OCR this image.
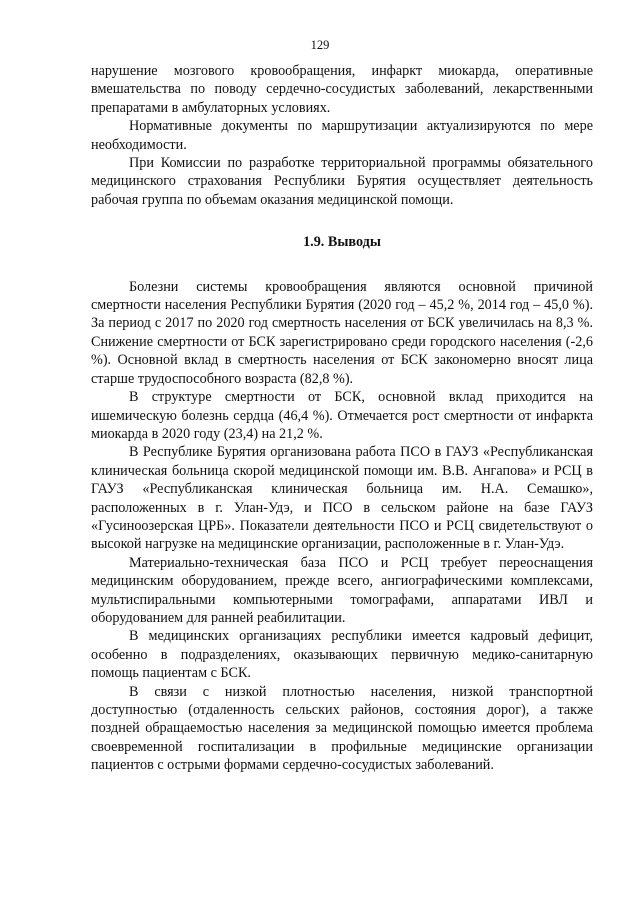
129

нарушение мозгового кровообращения, инфаркт миокарда, оперативные вмешательства по поводу сердечно-сосудистых заболеваний, лекарственными препаратами в амбулаторных условиях.

Нормативные документы по маршрутизации актуализируются по мере необходимости.

При Комиссии по разработке территориальной программы обязательного медицинского страхования Республики Бурятия осуществляет деятельность рабочая группа по объемам оказания медицинской помощи.

1.9. Выводы

Болезни системы кровообращения являются основной причиной смертности населения Республики Бурятия (2020 год – 45,2 %, 2014 год – 45,0 %). За период с 2017 по 2020 год смертность населения от БСК увеличилась на 8,3 %. Снижение смертности от БСК зарегистрировано среди городского населения (-2,6 %). Основной вклад в смертность населения от БСК закономерно вносят лица старше трудоспособного возраста (82,8 %).

В структуре смертности от БСК, основной вклад приходится на ишемическую болезнь сердца (46,4 %). Отмечается рост смертности от инфаркта миокарда в 2020 году (23,4) на 21,2 %.

В Республике Бурятия организована работа ПСО в ГАУЗ «Республиканская клиническая больница скорой медицинской помощи им. В.В. Ангапова» и РСЦ в ГАУЗ «Республиканская клиническая больница им. Н.А. Семашко», расположенных в г. Улан-Удэ, и ПСО в сельском районе на базе ГАУЗ «Гусиноозерская ЦРБ». Показатели деятельности ПСО и РСЦ свидетельствуют о высокой нагрузке на медицинские организации, расположенные в г. Улан-Удэ.

Материально-техническая база ПСО и РСЦ требует переоснащения медицинским оборудованием, прежде всего, ангиографическими комплексами, мультиспиральными компьютерными томографами, аппаратами ИВЛ и оборудованием для ранней реабилитации.

В медицинских организациях республики имеется кадровый дефицит, особенно в подразделениях, оказывающих первичную медико-санитарную помощь пациентам с БСК.

В связи с низкой плотностью населения, низкой транспортной доступностью (отдаленность сельских районов, состояния дорог), а также поздней обращаемостью населения за медицинской помощью имеется проблема своевременной госпитализации в профильные медицинские организации пациентов с острыми формами сердечно-сосудистых заболеваний.
